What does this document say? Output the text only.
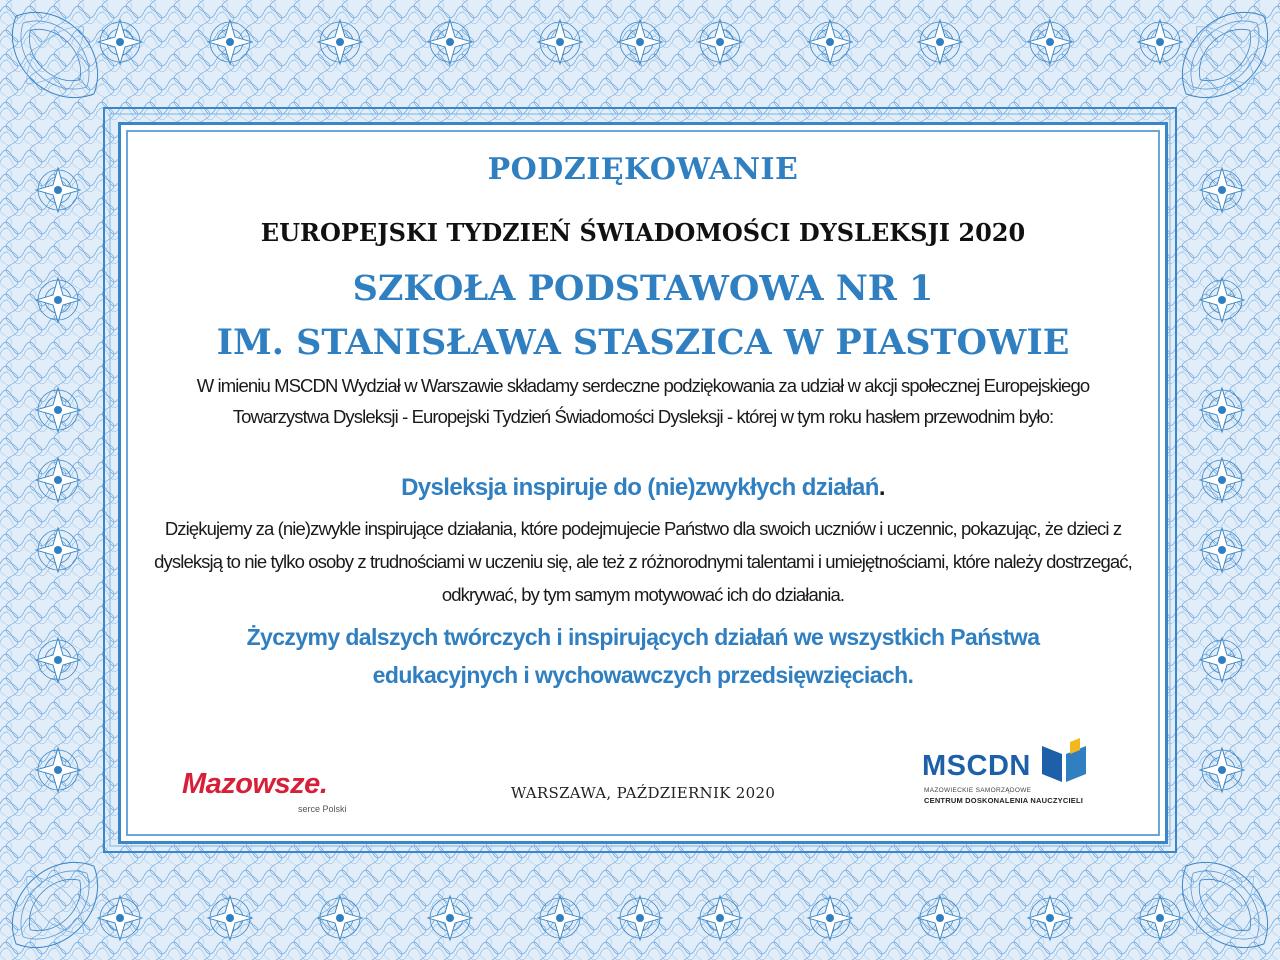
PODZIĘKOWANIE
EUROPEJSKI TYDZIEŃ ŚWIADOMOŚCI DYSLEKSJI 2020
SZKOŁA PODSTAWOWA NR 1
IM. STANISŁAWA STASZICA W PIASTOWIE
W imieniu MSCDN Wydział w Warszawie składamy serdeczne podziękowania za udział w akcji społecznej Europejskiego Towarzystwa Dysleksji - Europejski Tydzień Świadomości Dysleksji - której w tym roku hasłem przewodnim było:
Dysleksja inspiruje do (nie)zwykłych działań.
Dziękujemy za (nie)zwykle inspirujące działania, które podejmujecie Państwo dla swoich uczniów i uczennic, pokazując, że dzieci z dysleksją to nie tylko osoby z trudnościami w uczeniu się, ale też z różnorodnymi talentami i umiejętnościami, które należy dostrzegać, odkrywać, by tym samym motywować ich do działania.
Życzymy dalszych twórczych i inspirujących działań we wszystkich Państwa edukacyjnych i wychowawczych przedsięwzięciach.
WARSZAWA, PAŹDZIERNIK 2020
Mazowsze.
serce Polski
MSCDN
MAZOWIECKIE SAMORZĄDOWE
CENTRUM DOSKONALENIA NAUCZYCIELI
